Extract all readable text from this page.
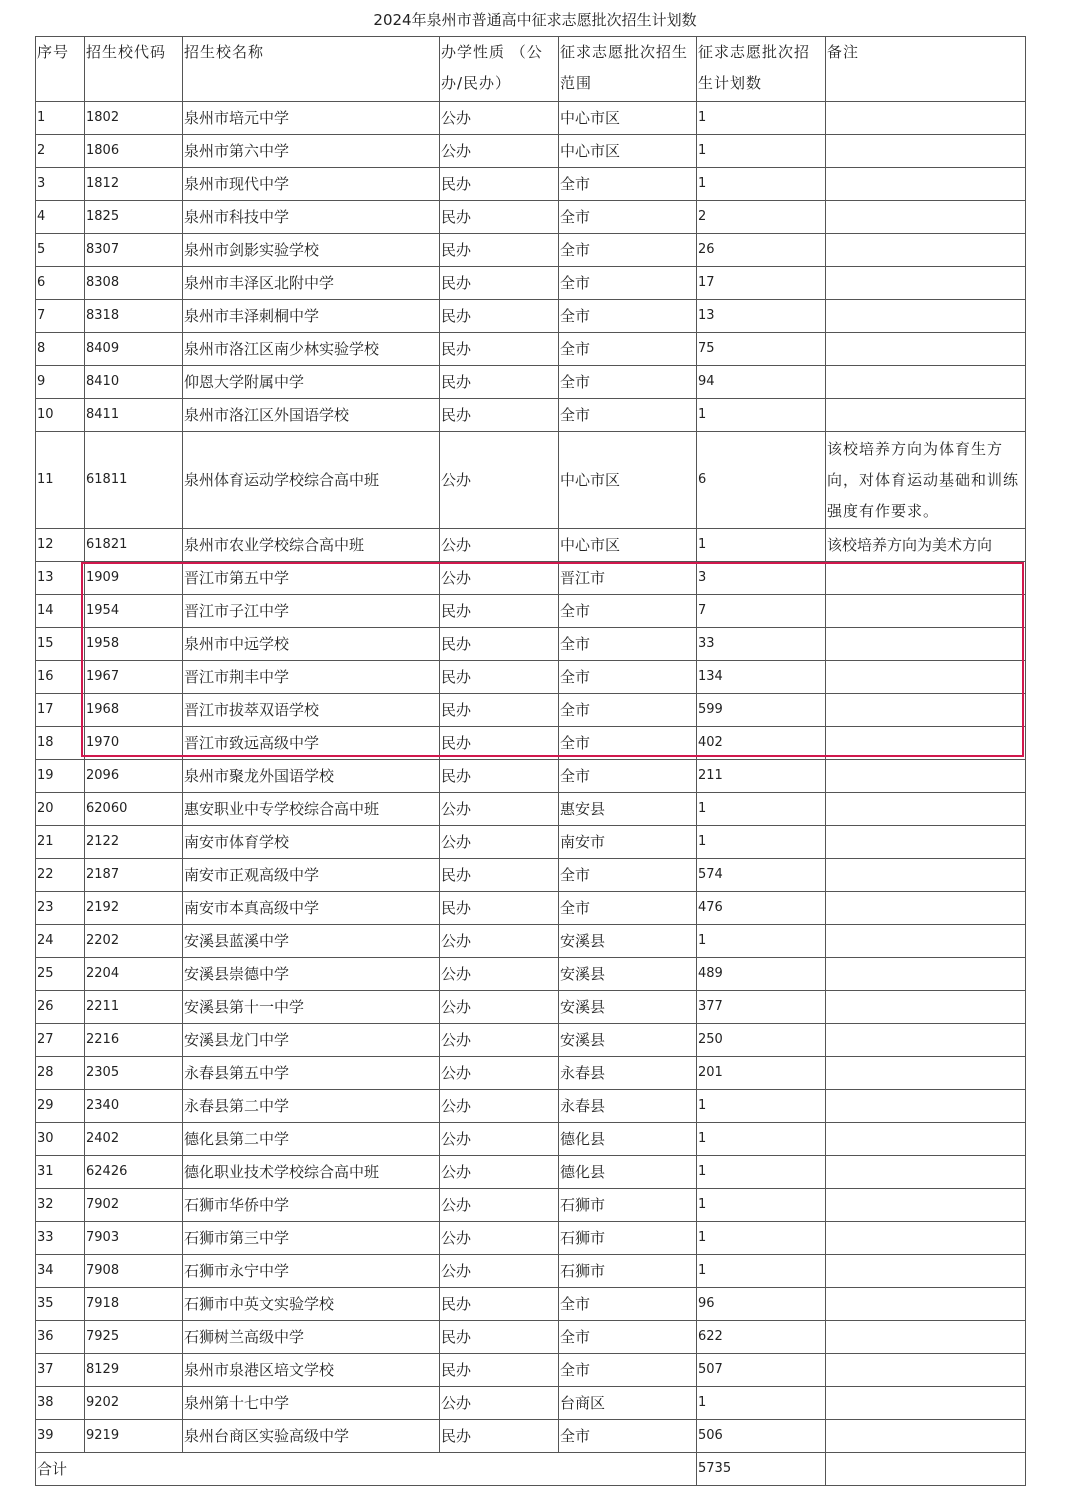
2024年泉州市普通高中征求志愿批次招生计划数
序号	招生校代码	招生校名称	办学性质 （公办/民办）	征求志愿批次招生范围	征求志愿批次招生计划数	备注
1	1802	泉州市培元中学	公办	中心市区	1	
2	1806	泉州市第六中学	公办	中心市区	1	
3	1812	泉州市现代中学	民办	全市	1	
4	1825	泉州市科技中学	民办	全市	2	
5	8307	泉州市剑影实验学校	民办	全市	26	
6	8308	泉州市丰泽区北附中学	民办	全市	17	
7	8318	泉州市丰泽刺桐中学	民办	全市	13	
8	8409	泉州市洛江区南少林实验学校	民办	全市	75	
9	8410	仰恩大学附属中学	民办	全市	94	
10	8411	泉州市洛江区外国语学校	民办	全市	1	
11	61811	泉州体育运动学校综合高中班	公办	中心市区	6	该校培养方向为体育生方向，对体育运动基础和训练强度有作要求。
12	61821	泉州市农业学校综合高中班	公办	中心市区	1	该校培养方向为美术方向
13	1909	晋江市第五中学	公办	晋江市	3	
14	1954	晋江市子江中学	民办	全市	7	
15	1958	泉州市中远学校	民办	全市	33	
16	1967	晋江市荆丰中学	民办	全市	134	
17	1968	晋江市拔萃双语学校	民办	全市	599	
18	1970	晋江市致远高级中学	民办	全市	402	
19	2096	泉州市聚龙外国语学校	民办	全市	211	
20	62060	惠安职业中专学校综合高中班	公办	惠安县	1	
21	2122	南安市体育学校	公办	南安市	1	
22	2187	南安市正观高级中学	民办	全市	574	
23	2192	南安市本真高级中学	民办	全市	476	
24	2202	安溪县蓝溪中学	公办	安溪县	1	
25	2204	安溪县崇德中学	公办	安溪县	489	
26	2211	安溪县第十一中学	公办	安溪县	377	
27	2216	安溪县龙门中学	公办	安溪县	250	
28	2305	永春县第五中学	公办	永春县	201	
29	2340	永春县第二中学	公办	永春县	1	
30	2402	德化县第二中学	公办	德化县	1	
31	62426	德化职业技术学校综合高中班	公办	德化县	1	
32	7902	石狮市华侨中学	公办	石狮市	1	
33	7903	石狮市第三中学	公办	石狮市	1	
34	7908	石狮市永宁中学	公办	石狮市	1	
35	7918	石狮市中英文实验学校	民办	全市	96	
36	7925	石狮树兰高级中学	民办	全市	622	
37	8129	泉州市泉港区培文学校	民办	全市	507	
38	9202	泉州第十七中学	公办	台商区	1	
39	9219	泉州台商区实验高级中学	民办	全市	506	
合计					5735	
